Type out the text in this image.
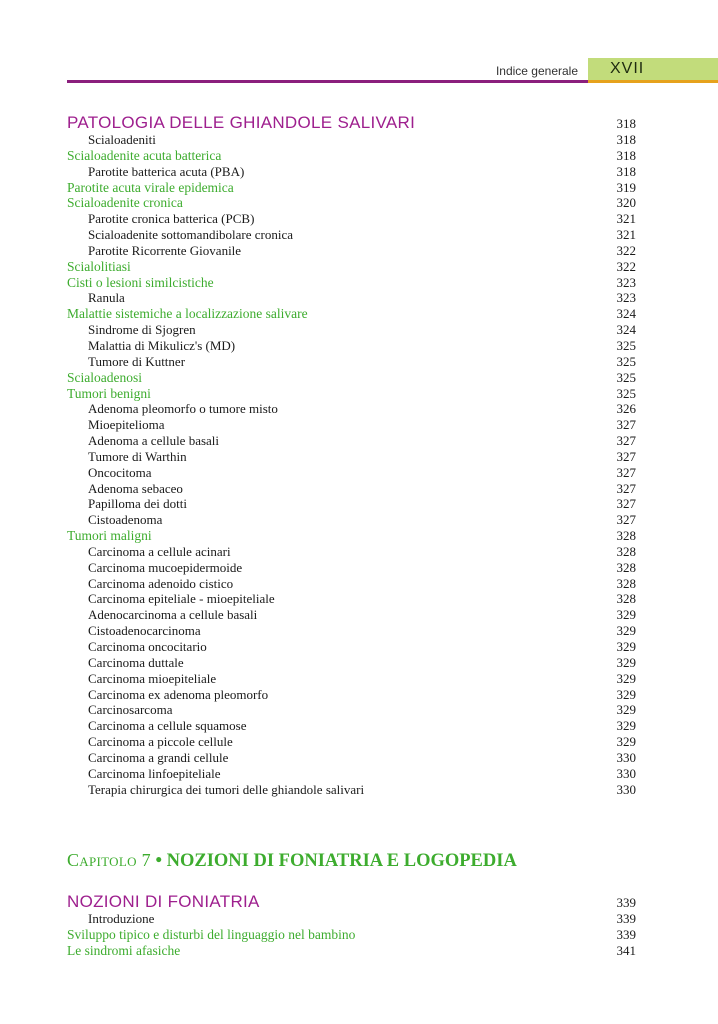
Indice generale XVII
PATOLOGIA DELLE GHIANDOLE SALIVARI	318
Scialoadeniti	318
Scialoadenite acuta batterica	318
Parotite batterica acuta (PBA)	318
Parotite acuta virale epidemica	319
Scialoadenite cronica	320
Parotite cronica batterica (PCB)	321
Scialoadenite sottomandibolare cronica	321
Parotite Ricorrente Giovanile	322
Scialolitiasi	322
Cisti o lesioni similcistiche	323
Ranula	323
Malattie sistemiche a localizzazione salivare	324
Sindrome di Sjogren	324
Malattia di Mikulicz's (MD)	325
Tumore di Kuttner	325
Scialoadenosi	325
Tumori benigni	325
Adenoma pleomorfo o tumore misto	326
Mioepitelioma	327
Adenoma a cellule basali	327
Tumore di Warthin	327
Oncocitoma	327
Adenoma sebaceo	327
Papilloma dei dotti	327
Cistoadenoma	327
Tumori maligni	328
Carcinoma a cellule acinari	328
Carcinoma mucoepidermoide	328
Carcinoma adenoido cistico	328
Carcinoma epiteliale - mioepiteliale	328
Adenocarcinoma a cellule basali	329
Cistoadenocarcinoma	329
Carcinoma oncocitario	329
Carcinoma duttale	329
Carcinoma mioepiteliale	329
Carcinoma ex adenoma pleomorfo	329
Carcinosarcoma	329
Carcinoma a cellule squamose	329
Carcinoma a piccole cellule	329
Carcinoma a grandi cellule	330
Carcinoma linfoepiteliale	330
Terapia chirurgica dei tumori delle ghiandole salivari	330
Capitolo 7 • NOZIONI DI FONIATRIA E LOGOPEDIA
NOZIONI DI FONIATRIA	339
Introduzione	339
Sviluppo tipico e disturbi del linguaggio nel bambino	339
Le sindromi afasiche	341
